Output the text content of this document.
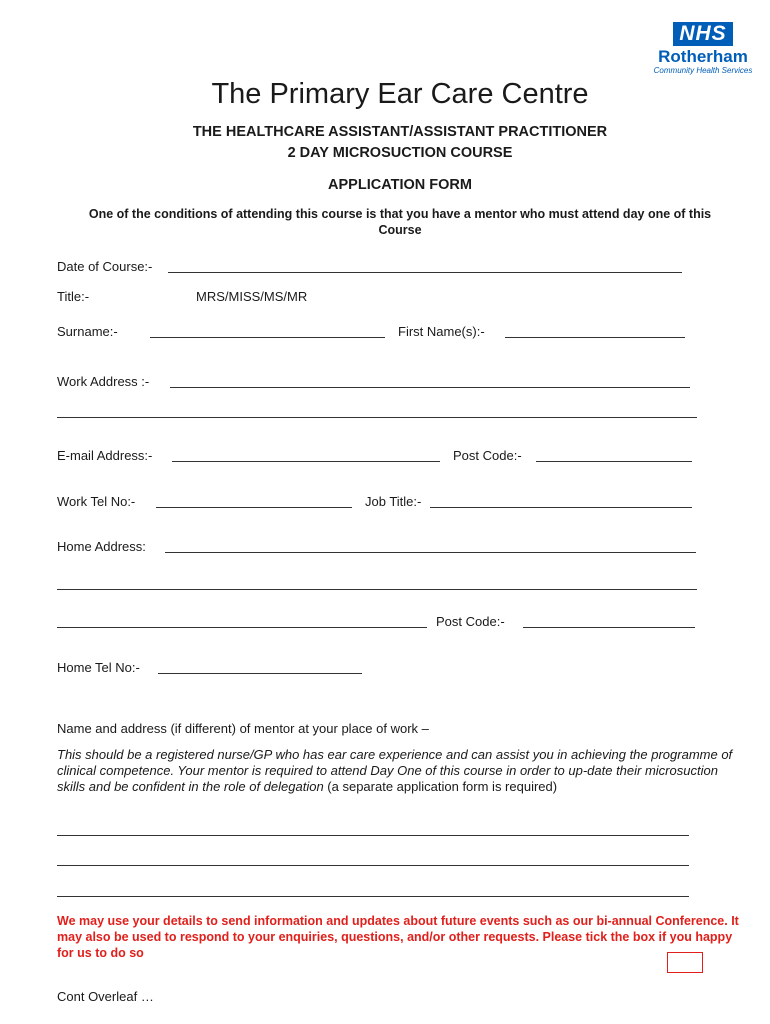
NHS
Rotherham
Community Health Services
The Primary Ear Care Centre
THE HEALTHCARE ASSISTANT/ASSISTANT PRACTITIONER
2 DAY MICROSUCTION COURSE
APPLICATION FORM
One of the conditions of attending this course is that you have a mentor who must attend day one of this Course
Date of Course:-
Title:-	MRS/MISS/MS/MR
Surname:-	First Name(s):-
Work Address :-
E-mail Address:-	Post Code:-
Work Tel No:-	Job Title:-
Home Address:
Post Code:-
Home Tel No:-
Name and address (if different) of mentor at your place of work –
This should be a registered nurse/GP who has ear care experience and can assist you in achieving the programme of clinical competence. Your mentor is required to attend Day One of this course in order to up-date their microsuction skills and be confident in the role of delegation (a separate application form is required)
We may use your details to send information and updates about future events such as our bi-annual Conference. It may also be used to respond to your enquiries, questions, and/or other requests. Please tick the box if you happy for us to do so
Cont Overleaf …
